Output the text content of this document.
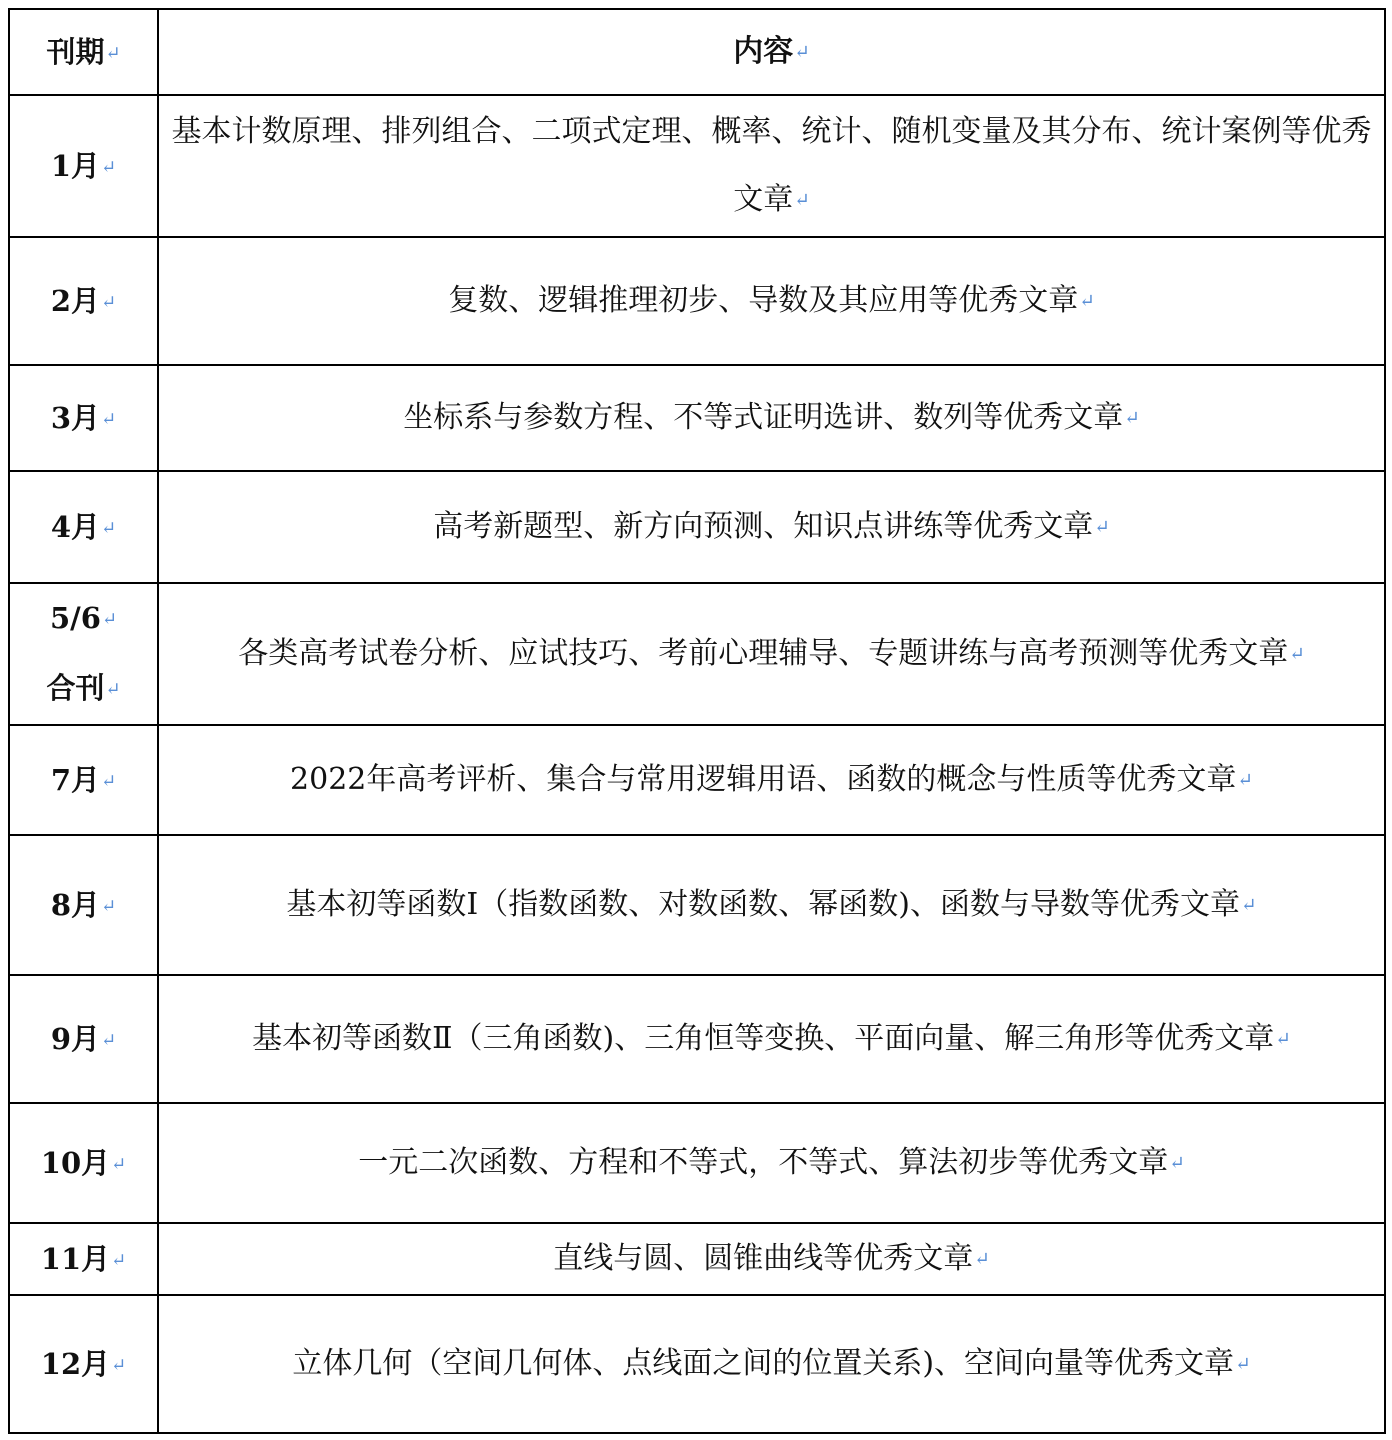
刊期↵	内容↵
1月↵	基本计数原理、排列组合、二项式定理、概率、统计、随机变量及其分布、统计案例等优秀文章↵
2月↵	复数、逻辑推理初步、导数及其应用等优秀文章↵
3月↵	坐标系与参数方程、不等式证明选讲、数列等优秀文章↵
4月↵	高考新题型、新方向预测、知识点讲练等优秀文章↵
5/6↵
合刊↵	各类高考试卷分析、应试技巧、考前心理辅导、专题讲练与高考预测等优秀文章↵
7月↵	2022年高考评析、集合与常用逻辑用语、函数的概念与性质等优秀文章↵
8月↵	基本初等函数Ⅰ（指数函数、对数函数、幂函数)、函数与导数等优秀文章↵
9月↵	基本初等函数Ⅱ（三角函数)、三角恒等变换、平面向量、解三角形等优秀文章↵
10月↵	一元二次函数、方程和不等式，不等式、算法初步等优秀文章↵
11月↵	直线与圆、圆锥曲线等优秀文章↵
12月↵	立体几何（空间几何体、点线面之间的位置关系)、空间向量等优秀文章↵
